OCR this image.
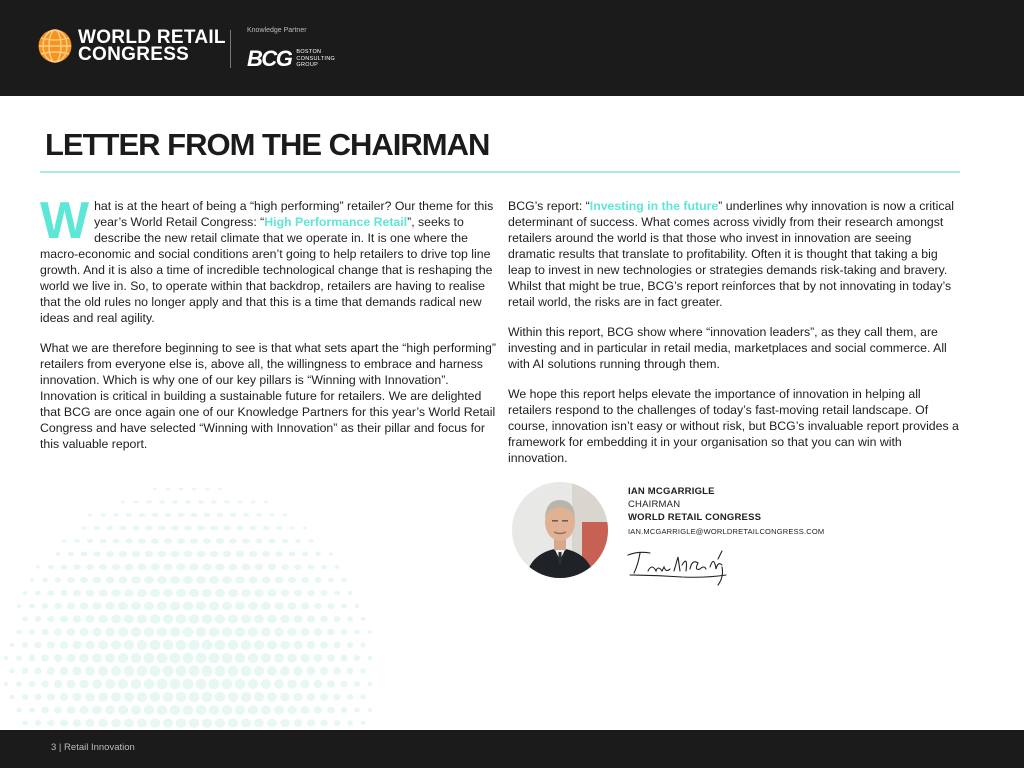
WORLD RETAIL
CONGRESS
Knowledge Partner
BCG BOSTON
CONSULTING
GROUP
LETTER FROM THE CHAIRMAN

What is at the heart of being a “high performing” retailer? Our theme for this year’s World Retail Congress: “High Performance Retail”, seeks to describe the new retail climate that we operate in. It is one where the macro-economic and social conditions aren’t going to help retailers to drive top line growth. And it is also a time of incredible technological change that is reshaping the world we live in. So, to operate within that backdrop, retailers are having to realise that the old rules no longer apply and that this is a time that demands radical new ideas and real agility.

What we are therefore beginning to see is that what sets apart the “high performing” retailers from everyone else is, above all, the willingness to embrace and harness innovation. Which is why one of our key pillars is “Winning with Innovation”. Innovation is critical in building a sustainable future for retailers. We are delighted that BCG are once again one of our Knowledge Partners for this year’s World Retail Congress and have selected “Winning with Innovation” as their pillar and focus for this valuable report.

BCG’s report: “Investing in the future” underlines why innovation is now a critical determinant of success. What comes across vividly from their research amongst retailers around the world is that those who invest in innovation are seeing dramatic results that translate to profitability. Often it is thought that taking a big leap to invest in new technologies or strategies demands risk-taking and bravery. Whilst that might be true, BCG’s report reinforces that by not innovating in today’s retail world, the risks are in fact greater.

Within this report, BCG show where “innovation leaders”, as they call them, are investing and in particular in retail media, marketplaces and social commerce. All with AI solutions running through them.

We hope this report helps elevate the importance of innovation in helping all retailers respond to the challenges of today’s fast-moving retail landscape. Of course, innovation isn’t easy or without risk, but BCG’s invaluable report provides a framework for embedding it in your organisation so that you can win with innovation.

IAN MCGARRIGLE
CHAIRMAN
WORLD RETAIL CONGRESS
IAN.MCGARRIGLE@WORLDRETAILCONGRESS.COM
3 | Retail Innovation
